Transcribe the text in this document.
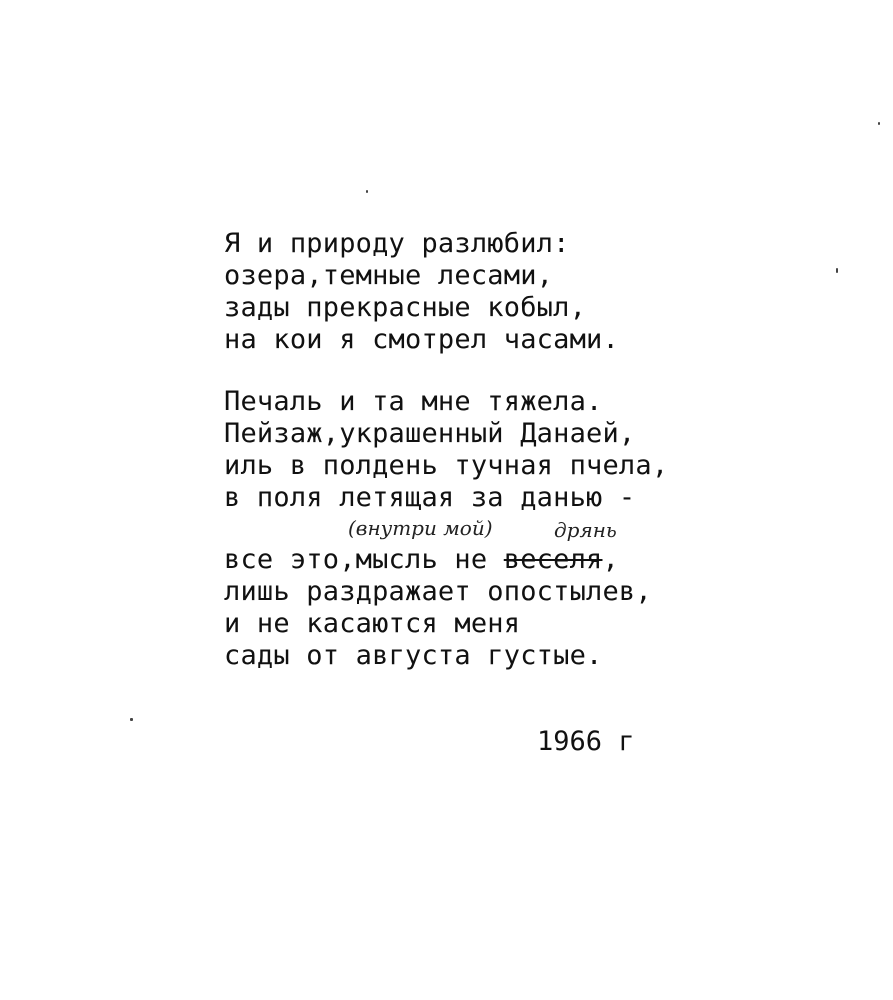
Я и природу разлюбил:
озера,темные лесами,
зады прекрасные кобыл,
на кои я смотрел часами.
Печаль и та мне тяжела.
Пейзаж,украшенный Данаей,
иль в полдень тучная пчела,
в поля летящая за данью -

(внутри мой)

	дрянь

все это,мысль не веселя,
лишь раздражает опостылев,
и не касаются меня
сады от августа густые.
1966 г
